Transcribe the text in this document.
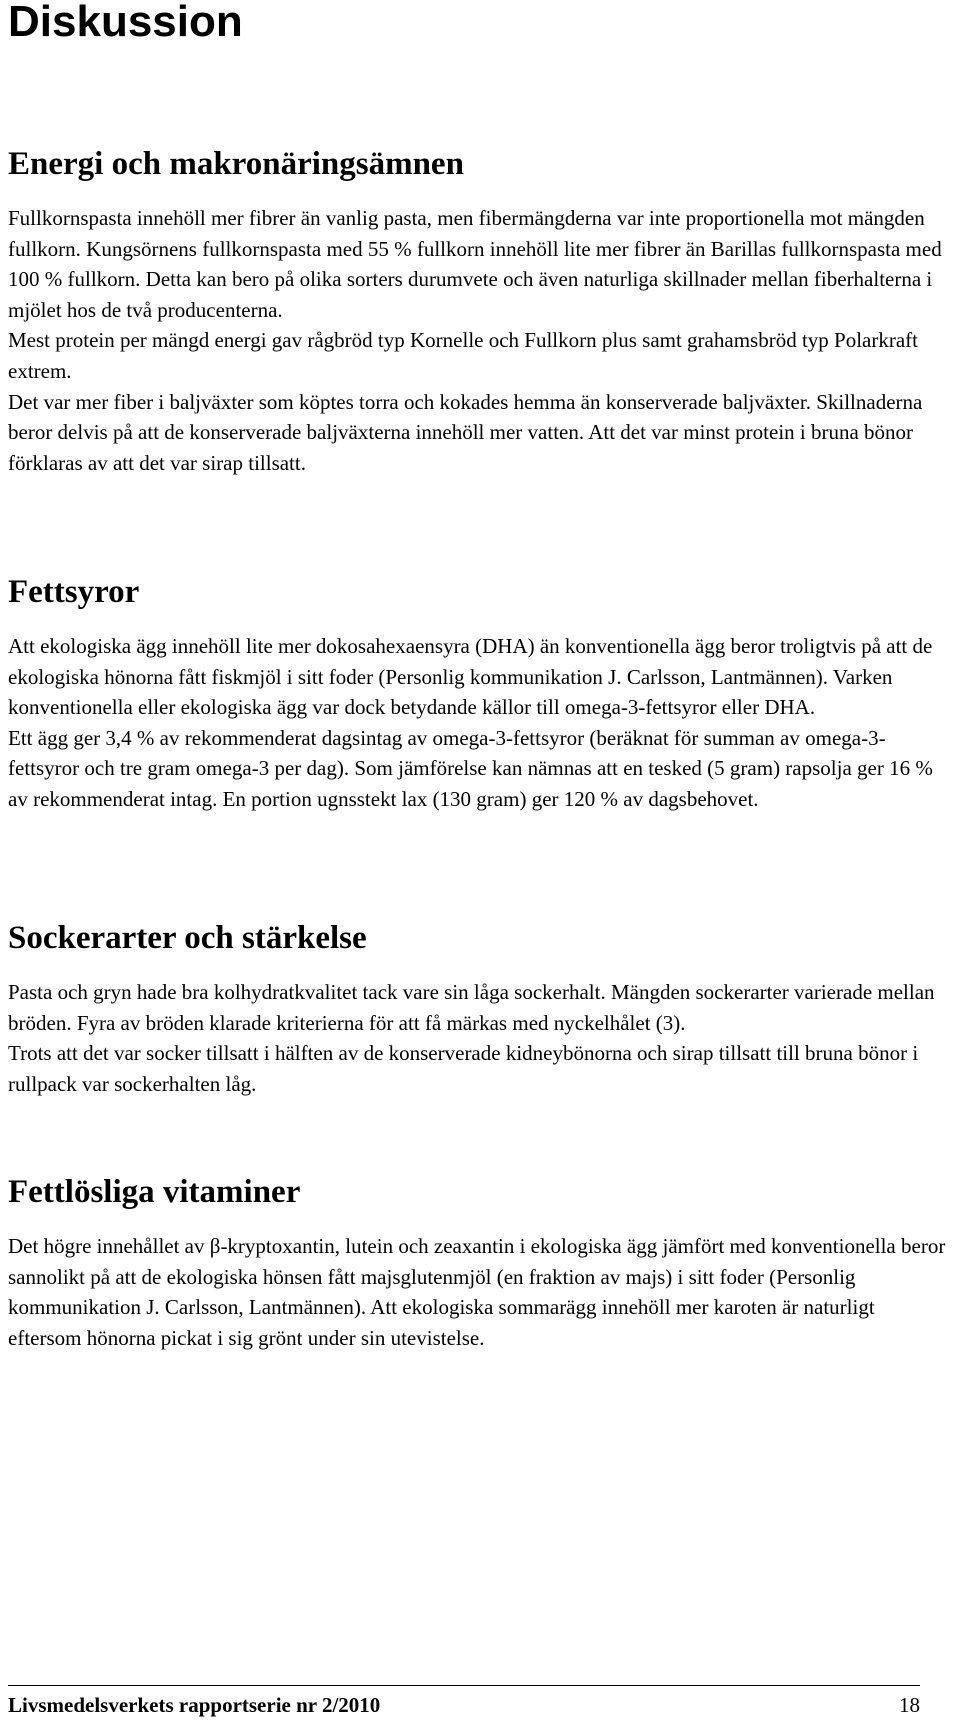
Diskussion
Energi och makronäringsämnen

Fullkornspasta innehöll mer fibrer än vanlig pasta, men fibermängderna var inte proportionella mot mängden fullkorn. Kungsörnens fullkornspasta med 55 % fullkorn innehöll lite mer fibrer än Barillas fullkornspasta med 100 % fullkorn. Detta kan bero på olika sorters durumvete och även naturliga skillnader mellan fiberhalterna i mjölet hos de två producenterna.

Mest protein per mängd energi gav rågbröd typ Kornelle och Fullkorn plus samt grahamsbröd typ Polarkraft extrem.

Det var mer fiber i baljväxter som köptes torra och kokades hemma än konserverade baljväxter. Skillnaderna beror delvis på att de konserverade baljväxterna innehöll mer vatten. Att det var minst protein i bruna bönor förklaras av att det var sirap tillsatt.

Fettsyror

Att ekologiska ägg innehöll lite mer dokosahexaensyra (DHA) än konventionella ägg beror troligtvis på att de ekologiska hönorna fått fiskmjöl i sitt foder (Personlig kommunikation J. Carlsson, Lantmännen). Varken konventionella eller ekologiska ägg var dock betydande källor till omega-3-fettsyror eller DHA.

Ett ägg ger 3,4 % av rekommenderat dagsintag av omega-3-fettsyror (beräknat för summan av omega-3-fettsyror och tre gram omega-3 per dag). Som jämförelse kan nämnas att en tesked (5 gram) rapsolja ger 16 % av rekommenderat intag. En portion ugnsstekt lax (130 gram) ger 120 % av dagsbehovet.

Sockerarter och stärkelse

Pasta och gryn hade bra kolhydratkvalitet tack vare sin låga sockerhalt. Mängden sockerarter varierade mellan bröden. Fyra av bröden klarade kriterierna för att få märkas med nyckelhålet (3).

Trots att det var socker tillsatt i hälften av de konserverade kidneybönorna och sirap tillsatt till bruna bönor i rullpack var sockerhalten låg.

Fettlösliga vitaminer

Det högre innehållet av β-kryptoxantin, lutein och zeaxantin i ekologiska ägg jämfört med konventionella beror sannolikt på att de ekologiska hönsen fått majsglutenmjöl (en fraktion av majs) i sitt foder (Personlig kommunikation J. Carlsson, Lantmännen). Att ekologiska sommarägg innehöll mer karoten är naturligt eftersom hönorna pickat i sig grönt under sin utevistelse.

Livsmedelsverkets rapportserie nr 2/2010	18
